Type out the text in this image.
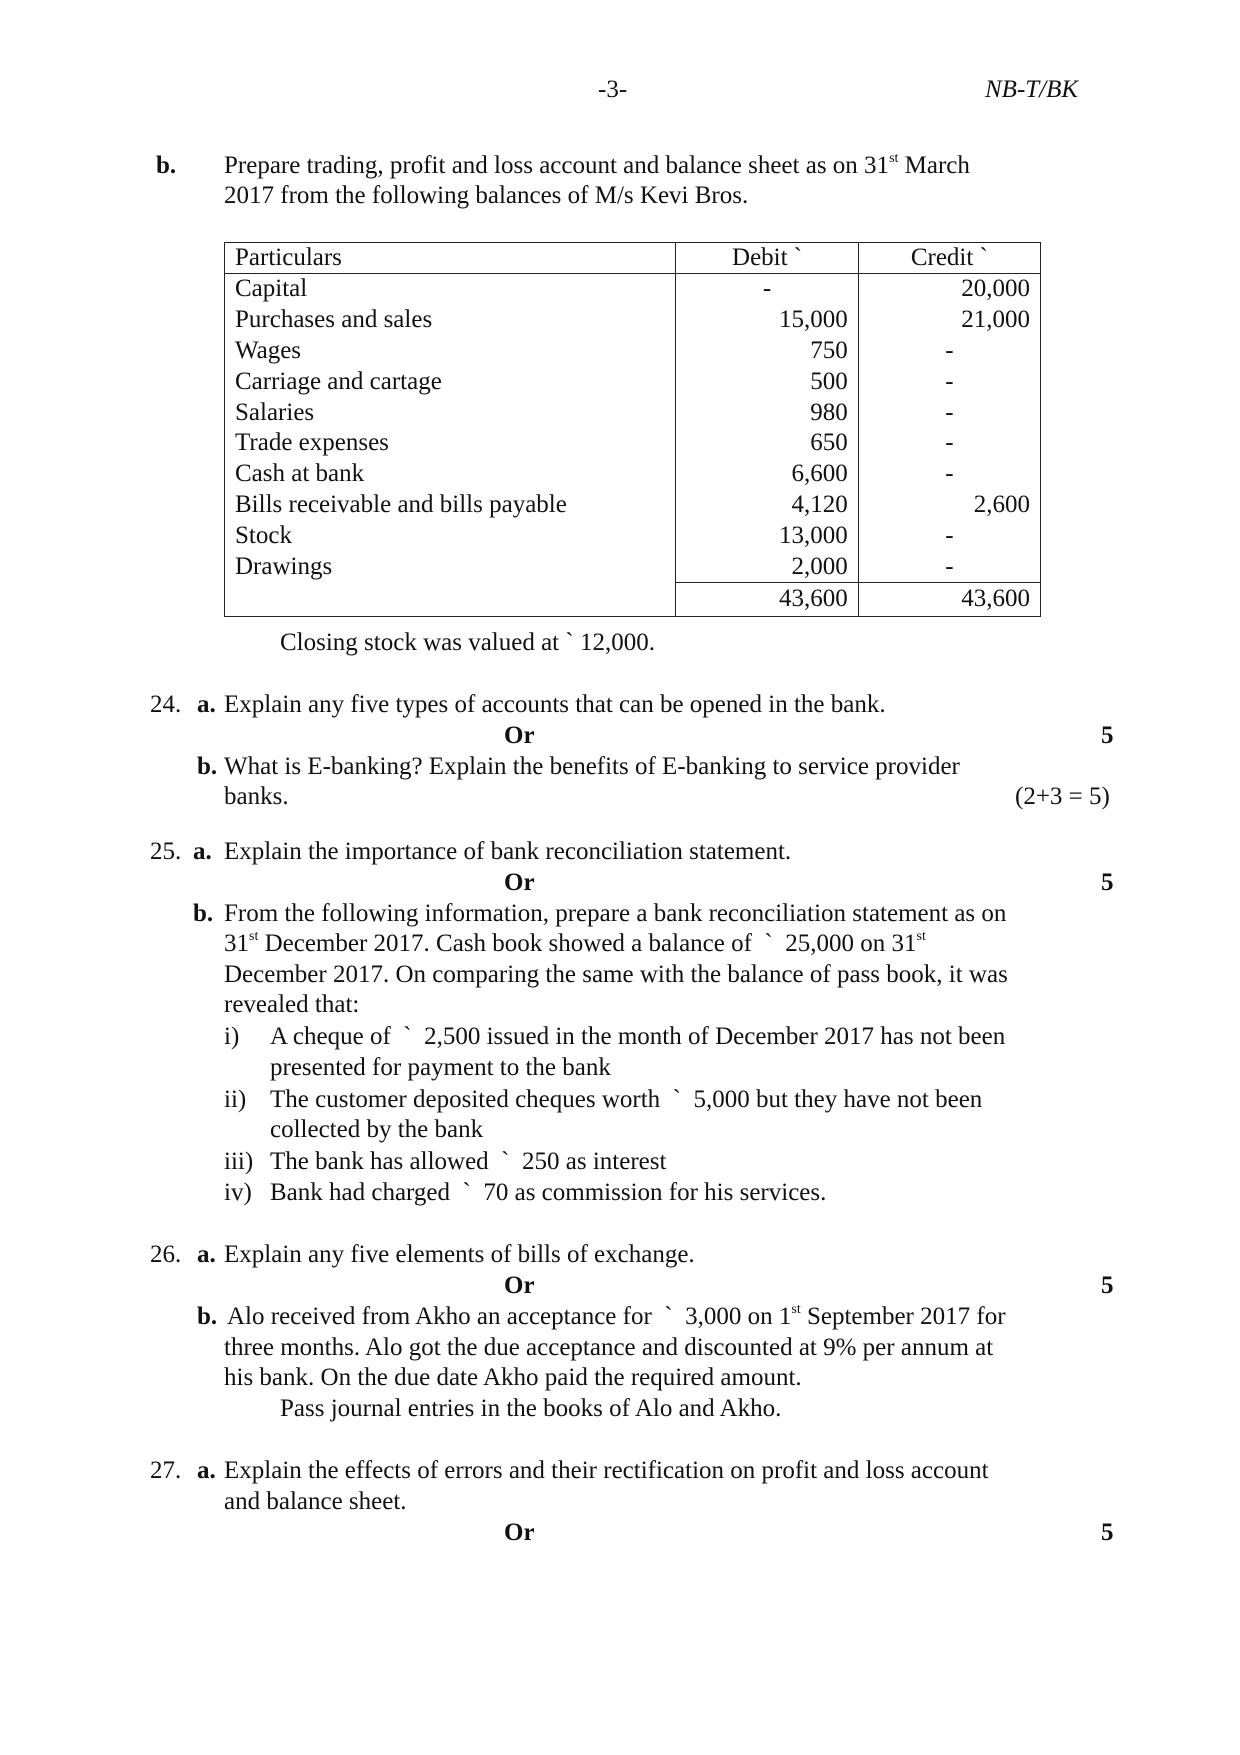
-3-	NB-T/BK
b. Prepare trading, profit and loss account and balance sheet as on 31st March
2017 from the following balances of M/s Kevi Bros.
Particulars	Debit `	Credit `
Capital	-	20,000
Purchases and sales	15,000	21,000
Wages	750	-
Carriage and cartage	500	-
Salaries	980	-
Trade expenses	650	-
Cash at bank	6,600	-
Bills receivable and bills payable	4,120	2,600
Stock	13,000	-
Drawings	2,000	-
	43,600	43,600
Closing stock was valued at ` 12,000.
24. a. Explain any five types of accounts that can be opened in the bank.
Or	5
b. What is E-banking? Explain the benefits of E-banking to service provider
banks.	(2+3 = 5)
25. a. Explain the importance of bank reconciliation statement.
Or	5
b. From the following information, prepare a bank reconciliation statement as on
31st December 2017. Cash book showed a balance of  `  25,000 on 31st
December 2017. On comparing the same with the balance of pass book, it was
revealed that:
i) A cheque of  `  2,500 issued in the month of December 2017 has not been
presented for payment to the bank
ii) The customer deposited cheques worth  `  5,000 but they have not been
collected by the bank
iii) The bank has allowed  `  250 as interest
iv) Bank had charged  `  70 as commission for his services.
26. a. Explain any five elements of bills of exchange.
Or	5
b. Alo received from Akho an acceptance for  `  3,000 on 1st September 2017 for
three months. Alo got the due acceptance and discounted at 9% per annum at
his bank. On the due date Akho paid the required amount.
Pass journal entries in the books of Alo and Akho.
27. a. Explain the effects of errors and their rectification on profit and loss account
and balance sheet.
Or	5
